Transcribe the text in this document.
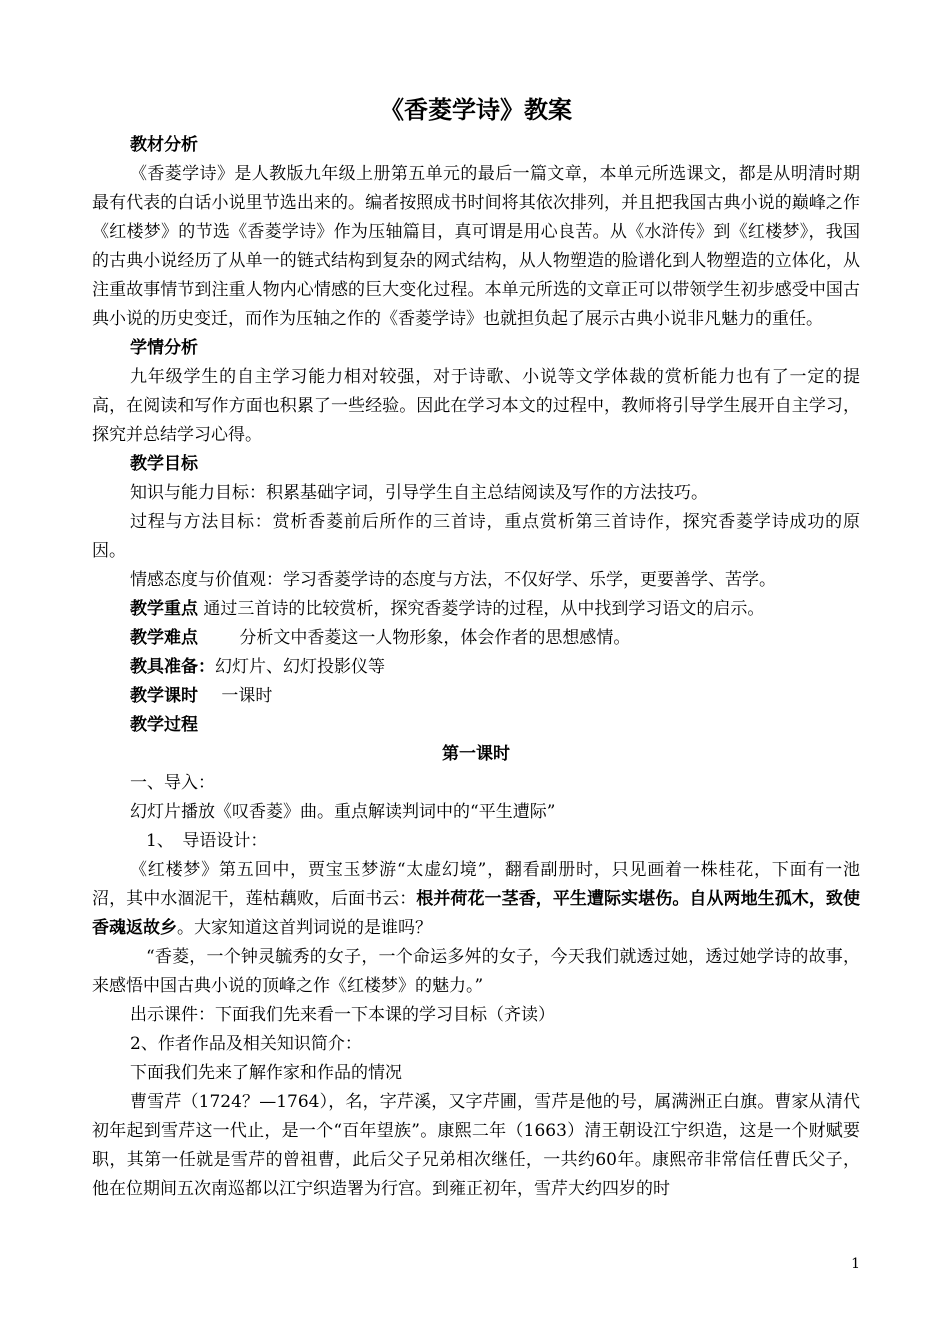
《香菱学诗》教案

教材分析

《香菱学诗》是人教版九年级上册第五单元的最后一篇文章，本单元所选课文，都是从明清时期最有代表的白话小说里节选出来的。编者按照成书时间将其依次排列，并且把我国古典小说的巅峰之作《红楼梦》的节选《香菱学诗》作为压轴篇目，真可谓是用心良苦。从《水浒传》到《红楼梦》，我国的古典小说经历了从单一的链式结构到复杂的网式结构，从人物塑造的脸谱化到人物塑造的立体化，从注重故事情节到注重人物内心情感的巨大变化过程。本单元所选的文章正可以带领学生初步感受中国古典小说的历史变迁，而作为压轴之作的《香菱学诗》也就担负起了展示古典小说非凡魅力的重任。

学情分析

九年级学生的自主学习能力相对较强，对于诗歌、小说等文学体裁的赏析能力也有了一定的提高，在阅读和写作方面也积累了一些经验。因此在学习本文的过程中，教师将引导学生展开自主学习，探究并总结学习心得。

教学目标

知识与能力目标：积累基础字词，引导学生自主总结阅读及写作的方法技巧。

过程与方法目标：赏析香菱前后所作的三首诗，重点赏析第三首诗作，探究香菱学诗成功的原因。

情感态度与价值观：学习香菱学诗的态度与方法，不仅好学、乐学，更要善学、苦学。

教学重点 通过三首诗的比较赏析，探究香菱学诗的过程，从中找到学习语文的启示。

教学难点 分析文中香菱这一人物形象，体会作者的思想感情。

教具准备：幻灯片、幻灯投影仪等

教学课时 一课时

教学过程

第一课时

一、导入：

幻灯片播放《叹香菱》曲。重点解读判词中的“平生遭际”

1、　导语设计：

《红楼梦》第五回中，贾宝玉梦游“太虚幻境”，翻看副册时，只见画着一株桂花，下面有一池沼，其中水涸泥干，莲枯藕败，后面书云：根并荷花一茎香，平生遭际实堪伤。自从两地生孤木，致使香魂返故乡。大家知道这首判词说的是谁吗？

“香菱，一个钟灵毓秀的女子，一个命运多舛的女子，今天我们就透过她，透过她学诗的故事，来感悟中国古典小说的顶峰之作《红楼梦》的魅力。”

出示课件：下面我们先来看一下本课的学习目标（齐读）

2、作者作品及相关知识简介：

下面我们先来了解作家和作品的情况

曹雪芹（1724？—1764），名，字芹溪，又字芹圃，雪芹是他的号，属满洲正白旗。曹家从清代初年起到雪芹这一代止，是一个“百年望族”。康熙二年（1663）清王朝设江宁织造，这是一个财赋要职，其第一任就是雪芹的曾祖曹，此后父子兄弟相次继任，一共约60年。康熙帝非常信任曹氏父子，他在位期间五次南巡都以江宁织造署为行宫。到雍正初年，雪芹大约四岁的时

1
